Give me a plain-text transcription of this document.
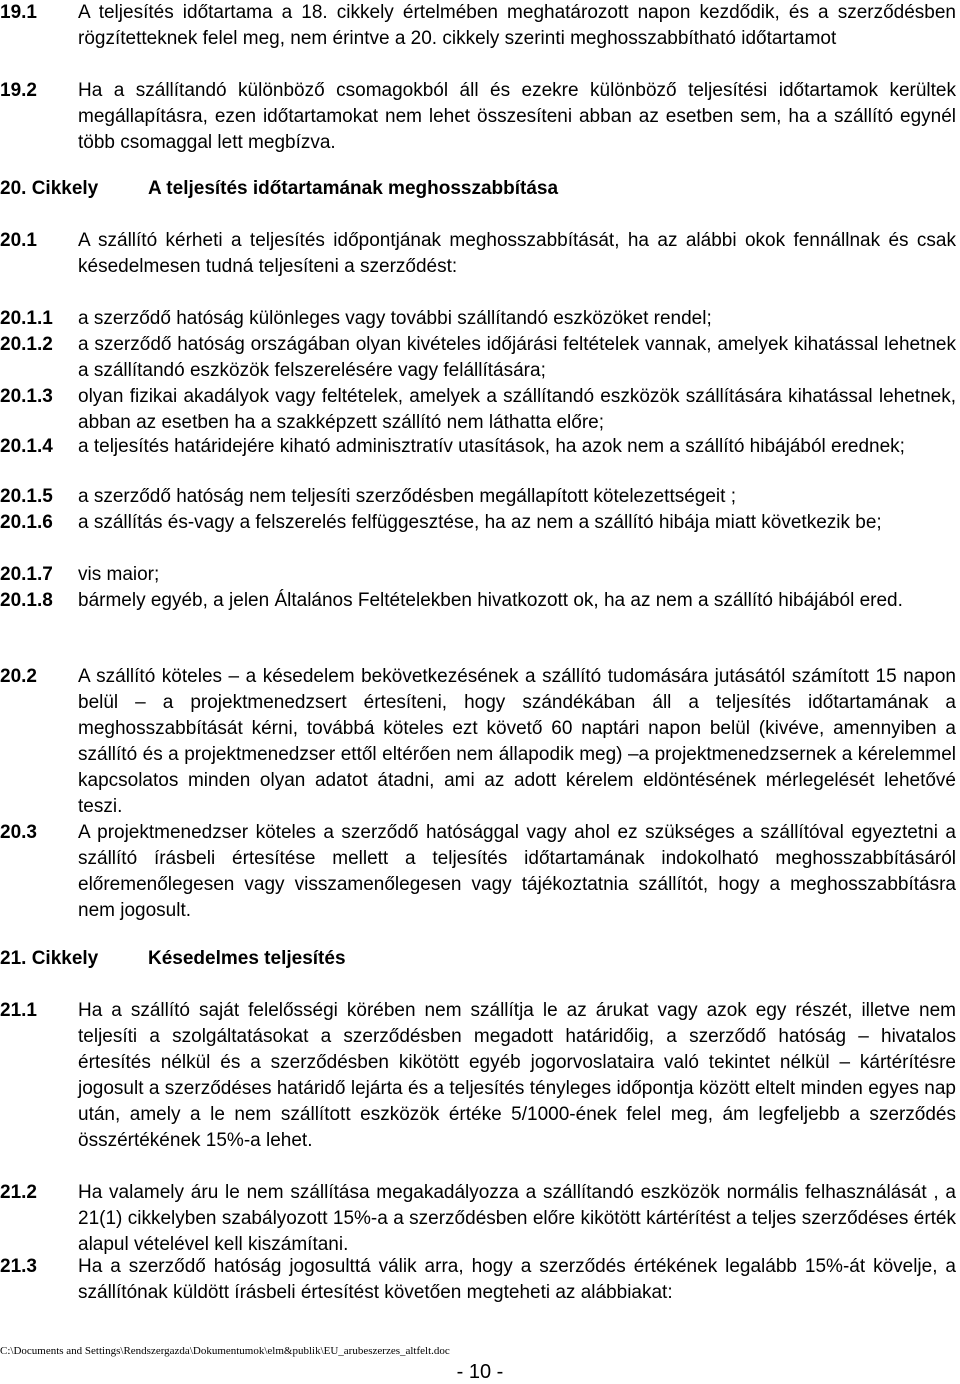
19.1 A teljesítés időtartama a 18. cikkely értelmében meghatározott napon kezdődik, és a szerződésben rögzítetteknek felel meg, nem érintve a 20. cikkely szerinti meghosszabbítható időtartamot
19.2 Ha a szállítandó különböző csomagokból áll és ezekre különböző teljesítési időtartamok kerültek megállapításra, ezen időtartamokat nem lehet összesíteni abban az esetben sem, ha a szállító egynél több csomaggal lett megbízva.
20. Cikkely	A teljesítés időtartamának meghosszabbítása
20.1 A szállító kérheti a teljesítés időpontjának meghosszabbítását, ha az alábbi okok fennállnak és csak késedelmesen tudná teljesíteni a szerződést:
20.1.1 a szerződő hatóság különleges vagy további szállítandó eszközöket rendel;
20.1.2 a szerződő hatóság országában olyan kivételes időjárási feltételek vannak, amelyek kihatással lehetnek a szállítandó eszközök felszerelésére vagy felállítására;
20.1.3 olyan fizikai akadályok vagy feltételek, amelyek a szállítandó eszközök szállítására kihatással lehetnek, abban az esetben ha a szakképzett szállító nem láthatta előre;
20.1.4 a teljesítés határidejére kiható adminisztratív utasítások, ha azok nem a szállító hibájából erednek;
20.1.5 a szerződő hatóság nem teljesíti szerződésben megállapított kötelezettségeit ;
20.1.6 a szállítás és-vagy a felszerelés felfüggesztése, ha az nem a szállító hibája miatt következik be;
20.1.7 vis maior;
20.1.8 bármely egyéb, a jelen Általános Feltételekben hivatkozott ok, ha az nem a szállító hibájából ered.
20.2 A szállító köteles – a késedelem bekövetkezésének a szállító tudomására jutásától számított 15 napon belül – a projektmenedzsert értesíteni, hogy szándékában áll a teljesítés időtartamának a meghosszabbítását kérni, továbbá köteles ezt követő 60 naptári napon belül (kivéve, amennyiben a szállító és a projektmenedzser ettől eltérően nem állapodik meg) –a projektmenedzsernek a kérelemmel kapcsolatos minden olyan adatot átadni, ami az adott kérelem eldöntésének mérlegelését lehetővé teszi.
20.3 A projektmenedzser köteles a szerződő hatósággal vagy ahol ez szükséges a szállítóval egyeztetni a szállító írásbeli értesítése mellett a teljesítés időtartamának indokolható meghosszabbításáról előremenőlegesen vagy visszamenőlegesen vagy tájékoztatnia szállítót, hogy a meghosszabbításra nem jogosult.
21. Cikkely	Késedelmes teljesítés
21.1 Ha a szállító saját felelősségi körében nem szállítja le az árukat vagy azok egy részét, illetve nem teljesíti a szolgáltatásokat a szerződésben megadott határidőig, a szerződő hatóság – hivatalos értesítés nélkül és a szerződésben kikötött egyéb jogorvoslataira való tekintet nélkül – kártérítésre jogosult a szerződéses határidő lejárta és a teljesítés tényleges időpontja között eltelt minden egyes nap után, amely a le nem szállított eszközök értéke 5/1000-ének felel meg, ám legfeljebb a szerződés összértékének 15%-a lehet.
21.2 Ha valamely áru le nem szállítása megakadályozza a szállítandó eszközök normális felhasználását , a 21(1) cikkelyben szabályozott 15%-a a szerződésben előre kikötött kártérítést a teljes szerződéses érték alapul vételével kell kiszámítani.
21.3 Ha a szerződő hatóság jogosulttá válik arra, hogy a szerződés értékének legalább 15%-át kövelje, a szállítónak küldött írásbeli értesítést követően megteheti az alábbiakat:
C:\Documents and Settings\Rendszergazda\Dokumentumok\elm&publik\EU_arubeszerzes_altfelt.doc
- 10 -
